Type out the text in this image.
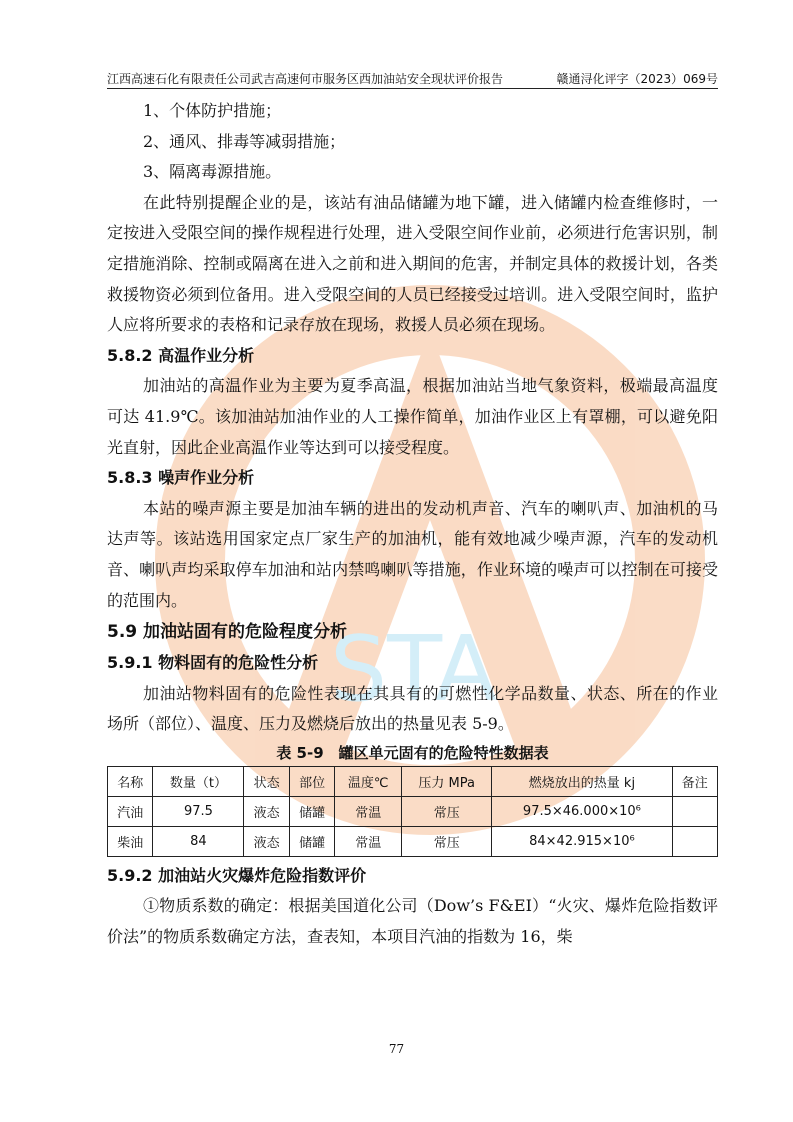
STA
江西高速石化有限责任公司武吉高速何市服务区西加油站安全现状评价报告	赣通浔化评字（2023）069号

1、个体防护措施；

2、通风、排毒等减弱措施；

3、隔离毒源措施。

在此特别提醒企业的是，该站有油品储罐为地下罐，进入储罐内检查维修时，一定按进入受限空间的操作规程进行处理，进入受限空间作业前，必须进行危害识别，制定措施消除、控制或隔离在进入之前和进入期间的危害，并制定具体的救援计划，各类救援物资必须到位备用。进入受限空间的人员已经接受过培训。进入受限空间时，监护人应将所要求的表格和记录存放在现场，救援人员必须在现场。

5.8.2 高温作业分析

加油站的高温作业为主要为夏季高温，根据加油站当地气象资料，极端最高温度可达 41.9℃。该加油站加油作业的人工操作简单，加油作业区上有罩棚，可以避免阳光直射，因此企业高温作业等达到可以接受程度。

5.8.3 噪声作业分析

本站的噪声源主要是加油车辆的进出的发动机声音、汽车的喇叭声、加油机的马达声等。该站选用国家定点厂家生产的加油机，能有效地减少噪声源，汽车的发动机音、喇叭声均采取停车加油和站内禁鸣喇叭等措施，作业环境的噪声可以控制在可接受的范围内。

5.9 加油站固有的危险程度分析

5.9.1 物料固有的危险性分析

加油站物料固有的危险性表现在其具有的可燃性化学品数量、状态、所在的作业场所（部位）、温度、压力及燃烧后放出的热量见表 5-9。

表 5-9　罐区单元固有的危险特性数据表

名称	数量（t）	状态	部位	温度℃	压力 MPa	燃烧放出的热量 kj	备注
汽油	97.5	液态	储罐	常温	常压	97.5×46.000×10⁶	
柴油	84	液态	储罐	常温	常压	84×42.915×10⁶	

5.9.2 加油站火灾爆炸危险指数评价

①物质系数的确定：根据美国道化公司（Dow’s F&EI）“火灾、爆炸危险指数评价法”的物质系数确定方法，查表知，本项目汽油的指数为 16，柴

77
